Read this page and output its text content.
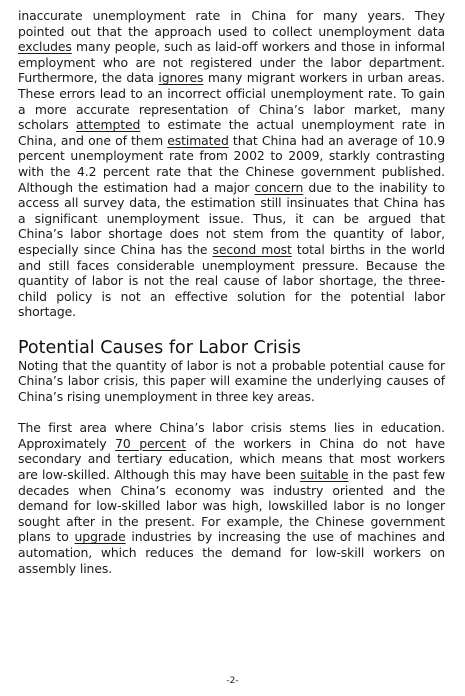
inaccurate unemployment rate in China for many years. They pointed out that the approach used to collect unemployment data excludes many people, such as laid-off workers and those in informal employment who are not registered under the labor department. Furthermore, the data ignores many migrant workers in urban areas. These errors lead to an incorrect official unemployment rate. To gain a more accurate representation of China’s labor market, many scholars attempted to estimate the actual unemployment rate in China, and one of them estimated that China had an average of 10.9 percent unemployment rate from 2002 to 2009, starkly contrasting with the 4.2 percent rate that the Chinese government published. Although the estimation had a major concern due to the inability to access all survey data, the estimation still insinuates that China has a significant unemployment issue. Thus, it can be argued that China’s labor shortage does not stem from the quantity of labor, especially since China has the second most total births in the world and still faces considerable unemployment pressure. Because the quantity of labor is not the real cause of labor shortage, the three-child policy is not an effective solution for the potential labor shortage.

Potential Causes for Labor Crisis

Noting that the quantity of labor is not a probable potential cause for China’s labor crisis, this paper will examine the underlying causes of China’s rising unemployment in three key areas.

The first area where China’s labor crisis stems lies in education. Approximately 70 percent of the workers in China do not have secondary and tertiary education, which means that most workers are low-skilled. Although this may have been suitable in the past few decades when China’s economy was industry oriented and the demand for low-skilled labor was high, lowskilled labor is no longer sought after in the present. For example, the Chinese government plans to upgrade industries by increasing the use of machines and automation, which reduces the demand for low-skill workers on assembly lines.

-2-
